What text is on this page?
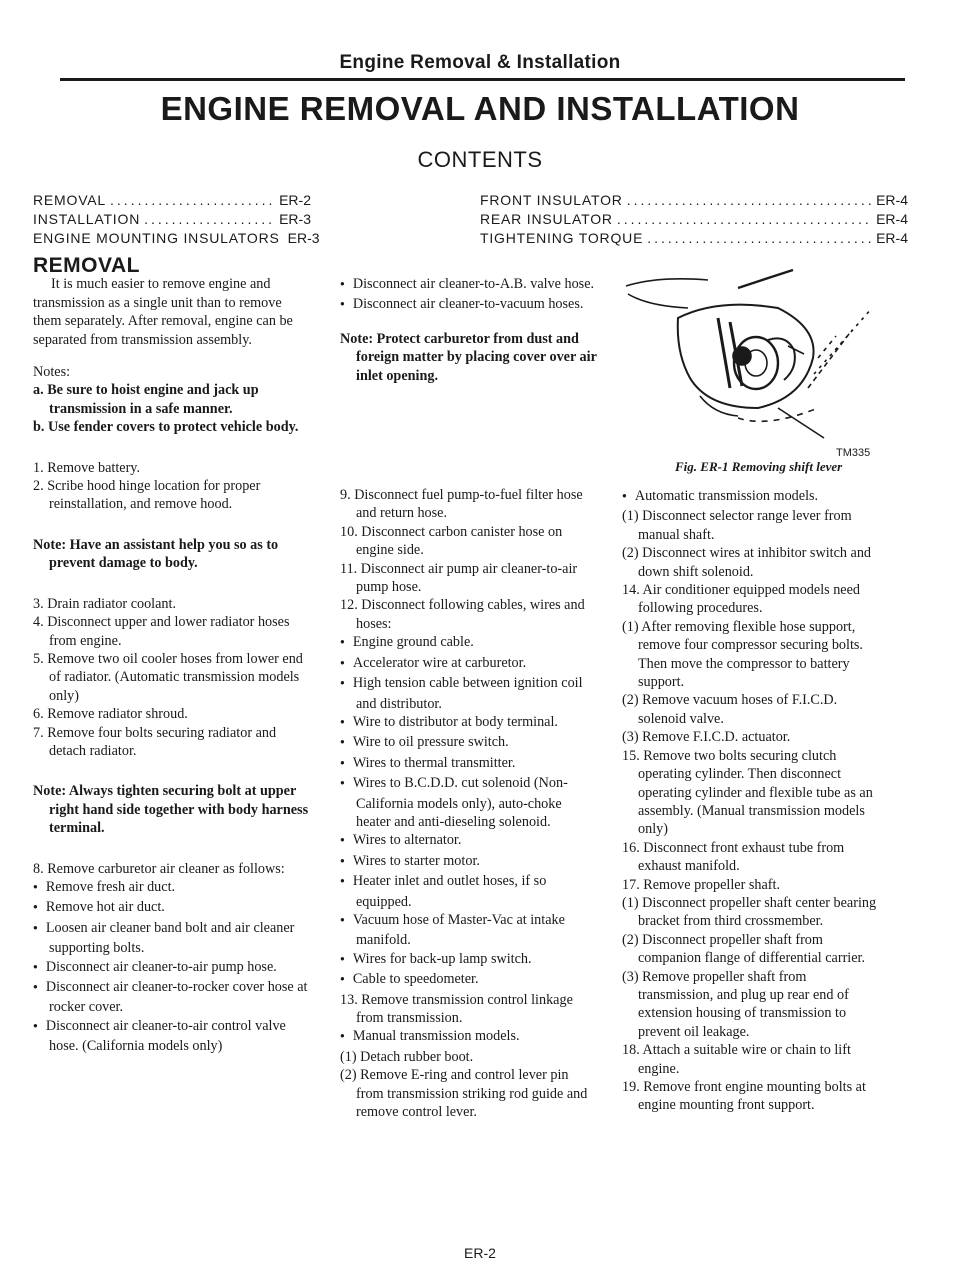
Engine Removal & Installation
ENGINE REMOVAL AND INSTALLATION
CONTENTS
REMOVAL .....	ER-2
INSTALLATION .....	ER-3
ENGINE MOUNTING INSULATORS ER-3
FRONT INSULATOR .....	ER-4
REAR INSULATOR .....	ER-4
TIGHTENING TORQUE .....	ER-4

REMOVAL

It is much easier to remove engine and transmission as a single unit than to remove them separately. After removal, engine can be separated from transmission assembly.

Notes:

a. Be sure to hoist engine and jack up transmission in a safe manner.

b. Use fender covers to protect vehicle body.

1. Remove battery.

2. Scribe hood hinge location for proper reinstallation, and remove hood.

Note: Have an assistant help you so as to prevent damage to body.

3. Drain radiator coolant.

4. Disconnect upper and lower radiator hoses from engine.

5. Remove two oil cooler hoses from lower end of radiator. (Automatic transmission models only)

6. Remove radiator shroud.

7. Remove four bolts securing radiator and detach radiator.

Note: Always tighten securing bolt at upper right hand side together with body harness terminal.

8. Remove carburetor air cleaner as follows:

● Remove fresh air duct.

● Remove hot air duct.

● Loosen air cleaner band bolt and air cleaner supporting bolts.

● Disconnect air cleaner-to-air pump hose.

● Disconnect air cleaner-to-rocker cover hose at rocker cover.

● Disconnect air cleaner-to-air control valve hose. (California models only)

● Disconnect air cleaner-to-A.B. valve hose.

● Disconnect air cleaner-to-vacuum hoses.

Note: Protect carburetor from dust and foreign matter by placing cover over air inlet opening.

9. Disconnect fuel pump-to-fuel filter hose and return hose.

10. Disconnect carbon canister hose on engine side.

11. Disconnect air pump air cleaner-to-air pump hose.

12. Disconnect following cables, wires and hoses:

● Engine ground cable.

● Accelerator wire at carburetor.

● High tension cable between ignition coil and distributor.

● Wire to distributor at body terminal.

● Wire to oil pressure switch.

● Wires to thermal transmitter.

● Wires to B.C.D.D. cut solenoid (Non-California models only), auto-choke heater and anti-dieseling solenoid.

● Wires to alternator.

● Wires to starter motor.

● Heater inlet and outlet hoses, if so equipped.

● Vacuum hose of Master-Vac at intake manifold.

● Wires for back-up lamp switch.

● Cable to speedometer.

13. Remove transmission control linkage from transmission.

● Manual transmission models.

(1) Detach rubber boot.

(2) Remove E-ring and control lever pin from transmission striking rod guide and remove control lever.

TM335
Fig. ER-1 Removing shift lever

● Automatic transmission models.

(1) Disconnect selector range lever from manual shaft.

(2) Disconnect wires at inhibitor switch and down shift solenoid.

14. Air conditioner equipped models need following procedures.

(1) After removing flexible hose support, remove four compressor securing bolts. Then move the compressor to battery support.

(2) Remove vacuum hoses of F.I.C.D. solenoid valve.

(3) Remove F.I.C.D. actuator.

15. Remove two bolts securing clutch operating cylinder. Then disconnect operating cylinder and flexible tube as an assembly. (Manual transmission models only)

16. Disconnect front exhaust tube from exhaust manifold.

17. Remove propeller shaft.

(1) Disconnect propeller shaft center bearing bracket from third crossmember.

(2) Disconnect propeller shaft from companion flange of differential carrier.

(3) Remove propeller shaft from transmission, and plug up rear end of extension housing of transmission to prevent oil leakage.

18. Attach a suitable wire or chain to lift engine.

19. Remove front engine mounting bolts at engine mounting front support.

ER-2
